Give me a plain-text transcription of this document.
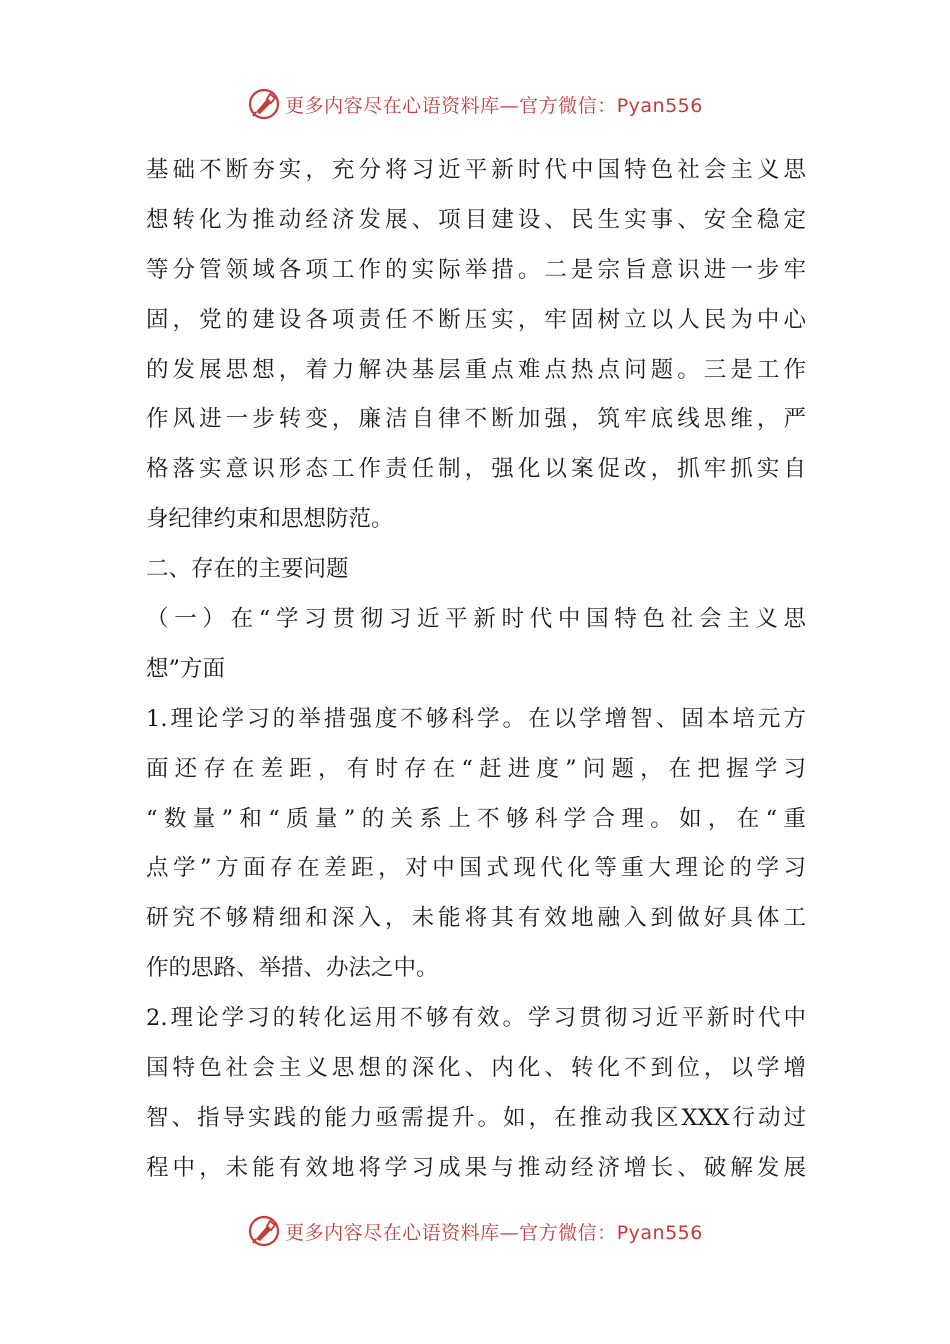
更多内容尽在心语资料库—官方微信：Pyan556
基础不断夯实，充分将习近平新时代中国特色社会主义思
想转化为推动经济发展、项目建设、民生实事、安全稳定
等分管领域各项工作的实际举措。二是宗旨意识进一步牢
固，党的建设各项责任不断压实，牢固树立以人民为中心
的发展思想，着力解决基层重点难点热点问题。三是工作
作风进一步转变，廉洁自律不断加强，筑牢底线思维，严
格落实意识形态工作责任制，强化以案促改，抓牢抓实自
身纪律约束和思想防范。
二、存在的主要问题
（一）在“学习贯彻习近平新时代中国特色社会主义思
想”方面
1.理论学习的举措强度不够科学。在以学增智、固本培元方
面还存在差距，有时存在“赶进度”问题，在把握学习
“数量”和“质量”的关系上不够科学合理。如，在“重
点学”方面存在差距，对中国式现代化等重大理论的学习
研究不够精细和深入，未能将其有效地融入到做好具体工
作的思路、举措、办法之中。
2.理论学习的转化运用不够有效。学习贯彻习近平新时代中
国特色社会主义思想的深化、内化、转化不到位，以学增
智、指导实践的能力亟需提升。如，在推动我区XXX行动过
程中，未能有效地将学习成果与推动经济增长、破解发展
更多内容尽在心语资料库—官方微信：Pyan556
